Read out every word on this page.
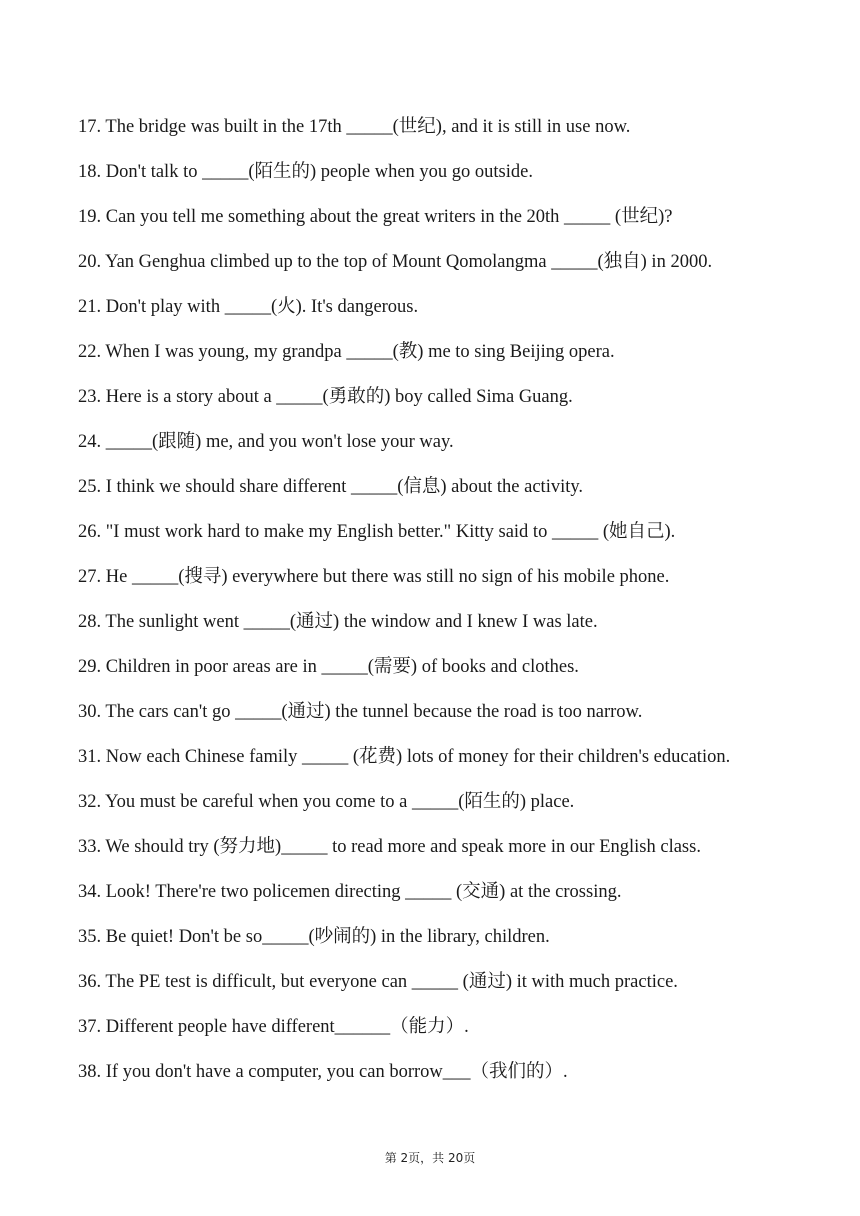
17. The bridge was built in the 17th _____(世纪), and it is still in use now.
18. Don't talk to _____(陌生的) people when you go outside.
19. Can you tell me something about the great writers in the 20th _____ (世纪)?
20. Yan Genghua climbed up to the top of Mount Qomolangma _____(独自) in 2000.
21. Don't play with _____(火). It's dangerous.
22. When I was young, my grandpa _____(教) me to sing Beijing opera.
23. Here is a story about a _____(勇敢的) boy called Sima Guang.
24. _____(跟随) me, and you won't lose your way.
25. I think we should share different _____(信息) about the activity.
26. "I must work hard to make my English better." Kitty said to _____ (她自己).
27. He _____(搜寻) everywhere but there was still no sign of his mobile phone.
28. The sunlight went _____(通过) the window and I knew I was late.
29. Children in poor areas are in _____(需要) of books and clothes.
30. The cars can't go _____(通过) the tunnel because the road is too narrow.
31. Now each Chinese family _____ (花费) lots of money for their children's education.
32. You must be careful when you come to a _____(陌生的) place.
33. We should try (努力地)_____ to read more and speak more in our English class.
34. Look! There're two policemen directing _____ (交通) at the crossing.
35. Be quiet! Don't be so_____(吵闹的) in the library, children.
36. The PE test is difficult, but everyone can _____ (通过) it with much practice.
37. Different people have different______（能力）.
38. If you don't have a computer, you can borrow___（我们的）.
第 2页，共 20页
